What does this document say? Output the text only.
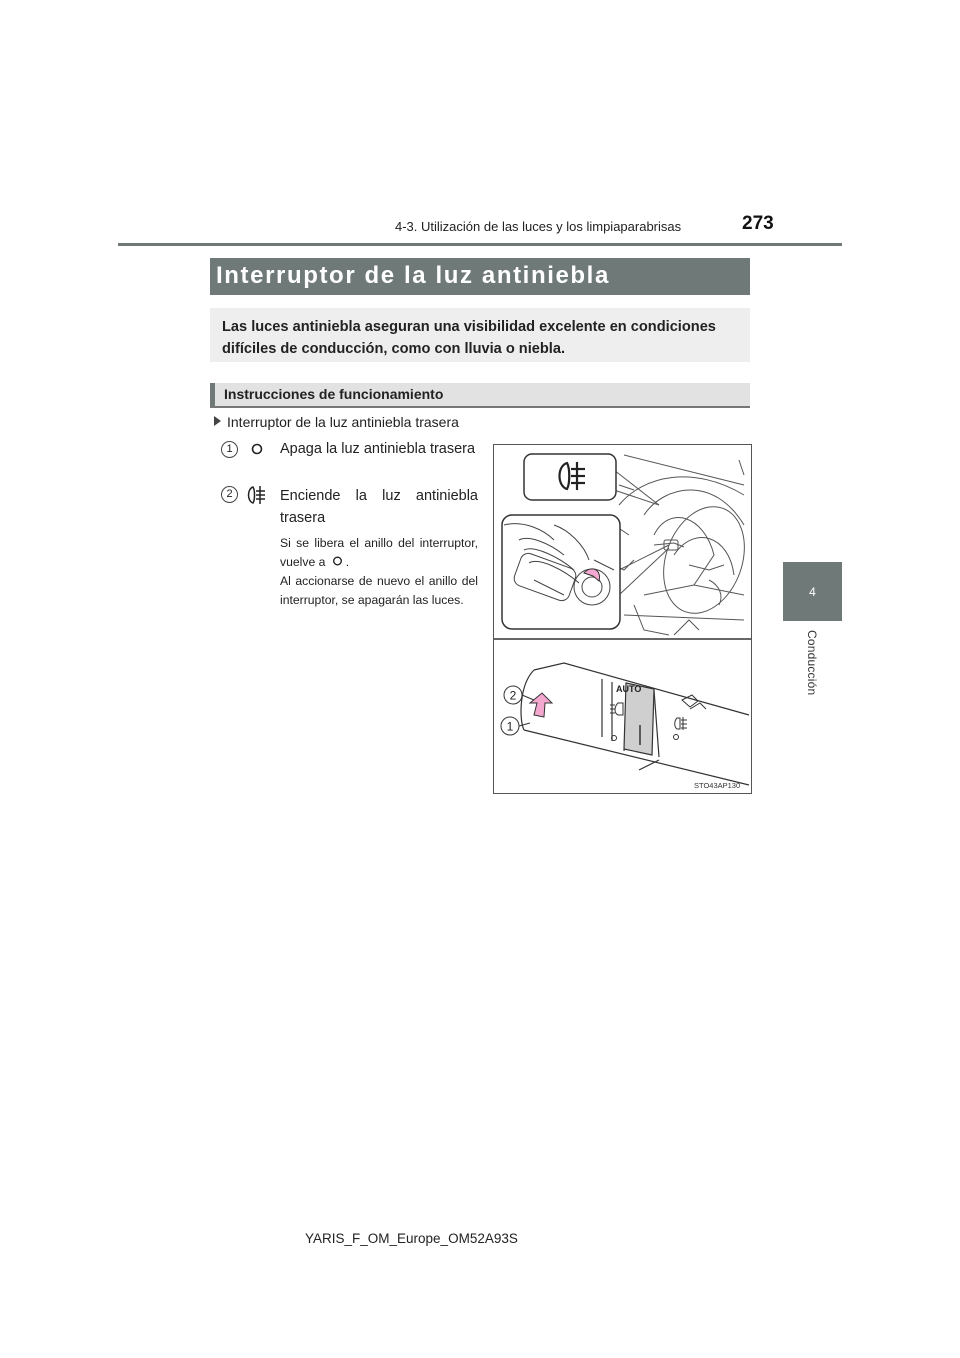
4-3. Utilización de las luces y los limpiaparabrisas	273
4
Conducción
Interruptor de la luz antiniebla
Las luces antiniebla aseguran una visibilidad excelente en condiciones difíciles de conducción, como con lluvia o niebla.
Instrucciones de funcionamiento
Interruptor de la luz antiniebla trasera
1	Apaga la luz antiniebla trasera
2	Enciende la luz antiniebla trasera
Si se libera el anillo del interruptor, vuelve a .
Al accionarse de nuevo el anillo del interruptor, se apagarán las luces.
AUTO
2
1
STO43AP130
YARIS_F_OM_Europe_OM52A93S
